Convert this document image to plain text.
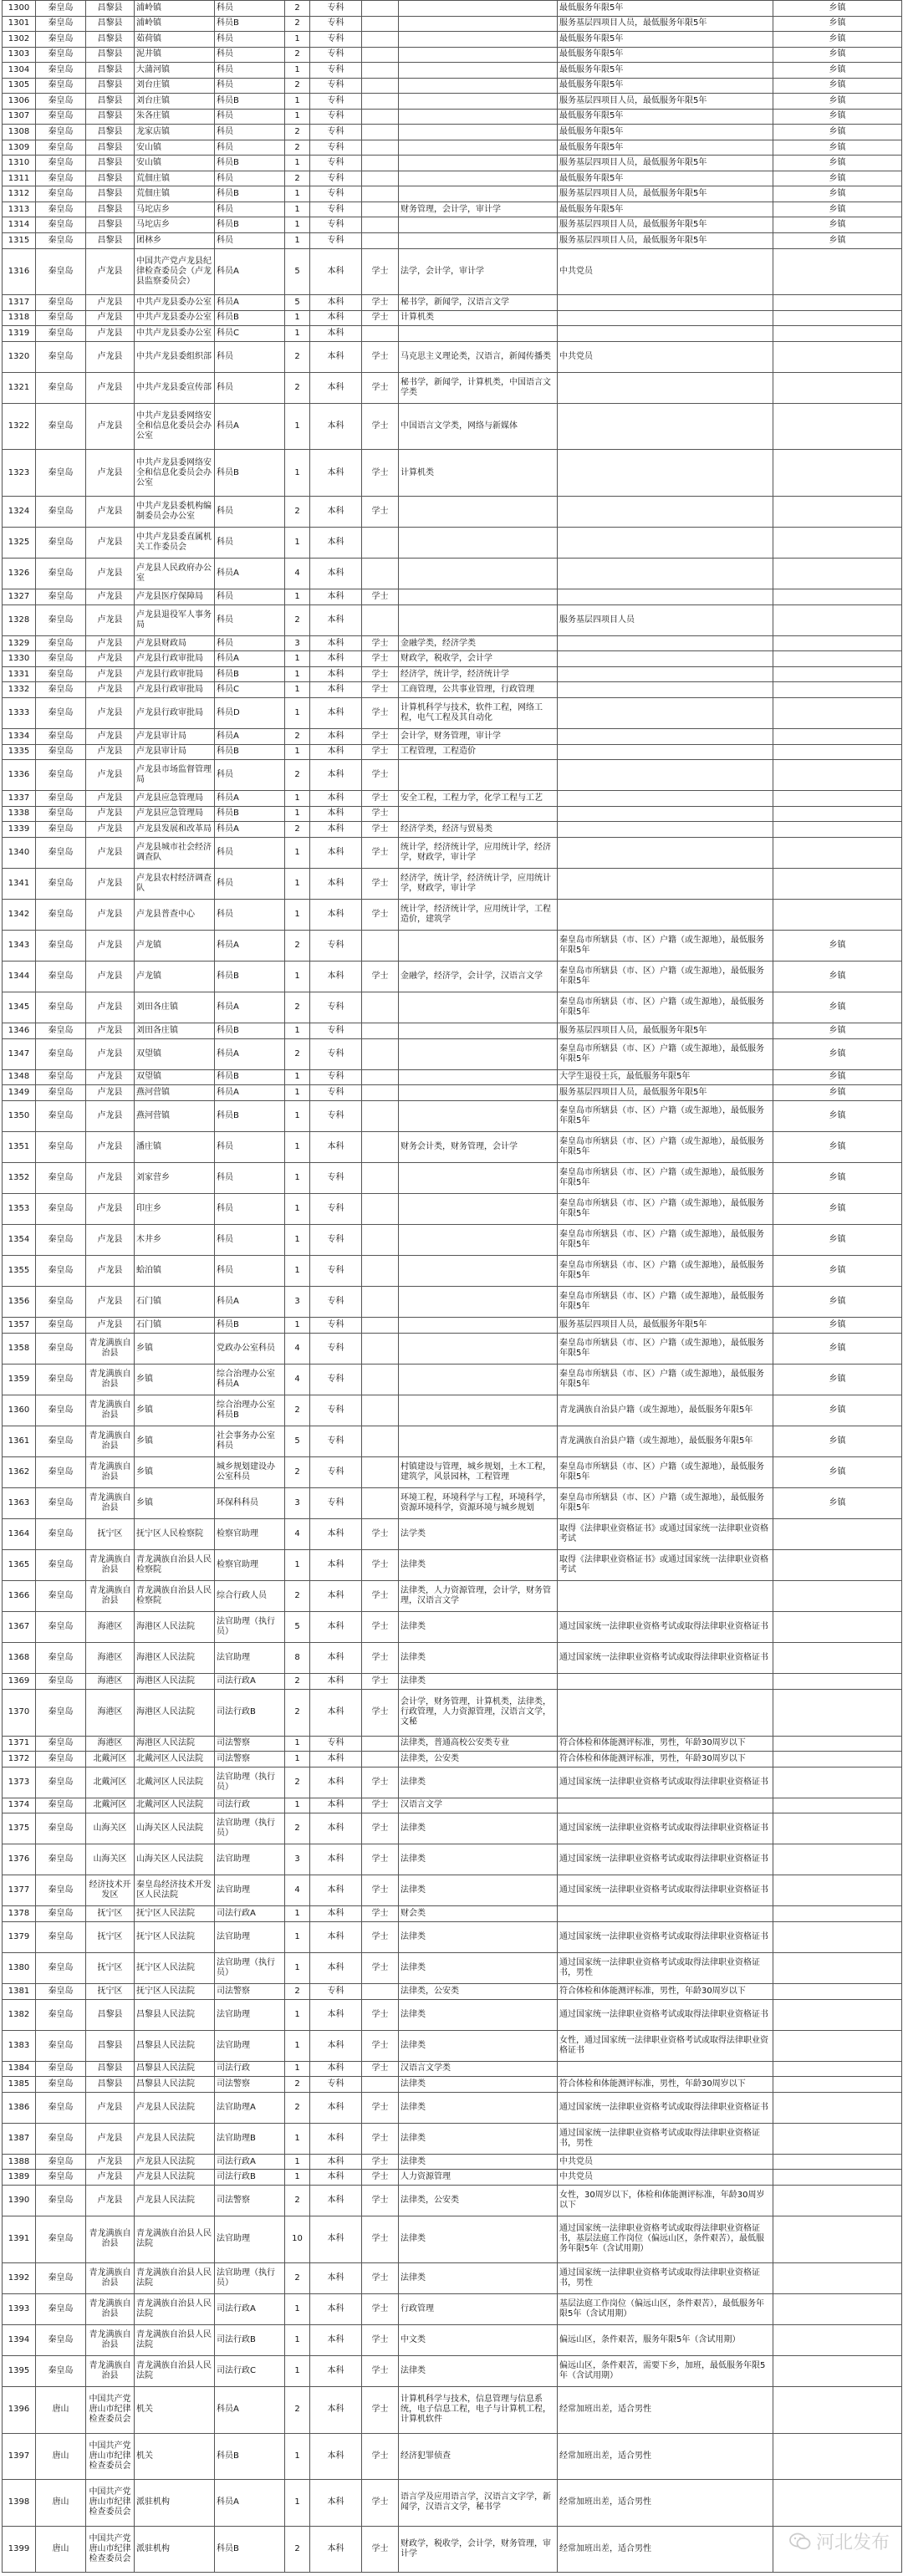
1300	秦皇岛	昌黎县	浦岭镇	科员	2	专科			最低服务年限5年	乡镇
1301	秦皇岛	昌黎县	浦岭镇	科员B	2	专科			服务基层四项目人员，最低服务年限5年	乡镇
1302	秦皇岛	昌黎县	茹荷镇	科员	1	专科			最低服务年限5年	乡镇
1303	秦皇岛	昌黎县	泥井镇	科员	2	专科			最低服务年限5年	乡镇
1304	秦皇岛	昌黎县	大蒲河镇	科员	1	专科			最低服务年限5年	乡镇
1305	秦皇岛	昌黎县	刘台庄镇	科员	2	专科			最低服务年限5年	乡镇
1306	秦皇岛	昌黎县	刘台庄镇	科员B	1	专科			服务基层四项目人员，最低服务年限5年	乡镇
1307	秦皇岛	昌黎县	朱各庄镇	科员	1	专科			最低服务年限5年	乡镇
1308	秦皇岛	昌黎县	龙家店镇	科员	2	专科			最低服务年限5年	乡镇
1309	秦皇岛	昌黎县	安山镇	科员	2	专科			最低服务年限5年	乡镇
1310	秦皇岛	昌黎县	安山镇	科员B	1	专科			服务基层四项目人员，最低服务年限5年	乡镇
1311	秦皇岛	昌黎县	荒佃庄镇	科员	2	专科			最低服务年限5年	乡镇
1312	秦皇岛	昌黎县	荒佃庄镇	科员B	1	专科			服务基层四项目人员，最低服务年限5年	乡镇
1313	秦皇岛	昌黎县	马坨店乡	科员	1	专科		财务管理，会计学，审计学	最低服务年限5年	乡镇
1314	秦皇岛	昌黎县	马坨店乡	科员B	1	专科			服务基层四项目人员，最低服务年限5年	乡镇
1315	秦皇岛	昌黎县	团林乡	科员	1	专科			服务基层四项目人员，最低服务年限5年	乡镇
1316	秦皇岛	卢龙县	中国共产党卢龙县纪律检查委员会（卢龙县监察委员会）	科员A	5	本科	学士	法学，会计学，审计学	中共党员	
1317	秦皇岛	卢龙县	中共卢龙县委办公室	科员A	5	本科	学士	秘书学，新闻学，汉语言文学		
1318	秦皇岛	卢龙县	中共卢龙县委办公室	科员B	1	本科	学士	计算机类		
1319	秦皇岛	卢龙县	中共卢龙县委办公室	科员C	1	本科				
1320	秦皇岛	卢龙县	中共卢龙县委组织部	科员	2	本科	学士	马克思主义理论类，汉语言，新闻传播类	中共党员	
1321	秦皇岛	卢龙县	中共卢龙县委宣传部	科员	2	本科	学士	秘书学，新闻学，计算机类，中国语言文学类		
1322	秦皇岛	卢龙县	中共卢龙县委网络安全和信息化委员会办公室	科员A	1	本科	学士	中国语言文学类，网络与新媒体		
1323	秦皇岛	卢龙县	中共卢龙县委网络安全和信息化委员会办公室	科员B	1	本科	学士	计算机类		
1324	秦皇岛	卢龙县	中共卢龙县委机构编制委员会办公室	科员	2	本科	学士			
1325	秦皇岛	卢龙县	中共卢龙县委直属机关工作委员会	科员	1	本科				
1326	秦皇岛	卢龙县	卢龙县人民政府办公室	科员A	4	本科				
1327	秦皇岛	卢龙县	卢龙县医疗保障局	科员	1	本科	学士			
1328	秦皇岛	卢龙县	卢龙县退役军人事务局	科员	2	本科			服务基层四项目人员	
1329	秦皇岛	卢龙县	卢龙县财政局	科员	3	本科	学士	金融学类，经济学类		
1330	秦皇岛	卢龙县	卢龙县行政审批局	科员A	1	本科	学士	财政学，税收学，会计学		
1331	秦皇岛	卢龙县	卢龙县行政审批局	科员B	1	本科	学士	经济学，统计学，经济统计学		
1332	秦皇岛	卢龙县	卢龙县行政审批局	科员C	1	本科	学士	工商管理，公共事业管理，行政管理		
1333	秦皇岛	卢龙县	卢龙县行政审批局	科员D	1	本科	学士	计算机科学与技术，软件工程，网络工程，电气工程及其自动化		
1334	秦皇岛	卢龙县	卢龙县审计局	科员A	2	本科	学士	会计学，财务管理，审计学		
1335	秦皇岛	卢龙县	卢龙县审计局	科员B	1	本科	学士	工程管理，工程造价		
1336	秦皇岛	卢龙县	卢龙县市场监督管理局	科员	2	本科	学士			
1337	秦皇岛	卢龙县	卢龙县应急管理局	科员A	1	本科	学士	安全工程，工程力学，化学工程与工艺		
1338	秦皇岛	卢龙县	卢龙县应急管理局	科员B	1	本科	学士			
1339	秦皇岛	卢龙县	卢龙县发展和改革局	科员A	2	本科	学士	经济学类，经济与贸易类		
1340	秦皇岛	卢龙县	卢龙县城市社会经济调查队	科员	1	本科	学士	统计学，经济统计学，应用统计学，经济学，财政学，审计学		
1341	秦皇岛	卢龙县	卢龙县农村经济调查队	科员	1	本科	学士	经济学，统计学，经济统计学，应用统计学，财政学，审计学		
1342	秦皇岛	卢龙县	卢龙县普查中心	科员	1	本科	学士	统计学，经济统计学，应用统计学，工程造价，建筑学		
1343	秦皇岛	卢龙县	卢龙镇	科员A	2	专科			秦皇岛市所辖县（市、区）户籍（或生源地），最低服务年限5年	乡镇
1344	秦皇岛	卢龙县	卢龙镇	科员B	1	本科	学士	金融学，经济学，会计学，汉语言文学	秦皇岛市所辖县（市、区）户籍（或生源地），最低服务年限5年	乡镇
1345	秦皇岛	卢龙县	刘田各庄镇	科员A	2	专科			秦皇岛市所辖县（市、区）户籍（或生源地），最低服务年限5年	乡镇
1346	秦皇岛	卢龙县	刘田各庄镇	科员B	1	专科			服务基层四项目人员，最低服务年限5年	乡镇
1347	秦皇岛	卢龙县	双望镇	科员A	2	专科			秦皇岛市所辖县（市、区）户籍（或生源地），最低服务年限5年	乡镇
1348	秦皇岛	卢龙县	双望镇	科员B	1	专科			大学生退役士兵，最低服务年限5年	乡镇
1349	秦皇岛	卢龙县	燕河营镇	科员A	1	专科			服务基层四项目人员，最低服务年限5年	乡镇
1350	秦皇岛	卢龙县	燕河营镇	科员B	1	专科			秦皇岛市所辖县（市、区）户籍（或生源地），最低服务年限5年	乡镇
1351	秦皇岛	卢龙县	潘庄镇	科员	1	本科		财务会计类，财务管理，会计学	秦皇岛市所辖县（市、区）户籍（或生源地），最低服务年限5年	乡镇
1352	秦皇岛	卢龙县	刘家营乡	科员	1	专科			秦皇岛市所辖县（市、区）户籍（或生源地），最低服务年限5年	乡镇
1353	秦皇岛	卢龙县	印庄乡	科员	1	专科			秦皇岛市所辖县（市、区）户籍（或生源地），最低服务年限5年	乡镇
1354	秦皇岛	卢龙县	木井乡	科员	1	专科			秦皇岛市所辖县（市、区）户籍（或生源地），最低服务年限5年	乡镇
1355	秦皇岛	卢龙县	蛤泊镇	科员	1	专科			秦皇岛市所辖县（市、区）户籍（或生源地），最低服务年限5年	乡镇
1356	秦皇岛	卢龙县	石门镇	科员A	3	专科			秦皇岛市所辖县（市、区）户籍（或生源地），最低服务年限5年	乡镇
1357	秦皇岛	卢龙县	石门镇	科员B	1	专科			服务基层四项目人员，最低服务年限5年	乡镇
1358	秦皇岛	青龙满族自治县	乡镇	党政办公室科员	4	专科			秦皇岛市所辖县（市、区）户籍（或生源地），最低服务年限5年	乡镇
1359	秦皇岛	青龙满族自治县	乡镇	综合治理办公室科员A	4	专科			秦皇岛市所辖县（市、区）户籍（或生源地），最低服务年限5年	乡镇
1360	秦皇岛	青龙满族自治县	乡镇	综合治理办公室科员B	2	专科			青龙满族自治县户籍（或生源地），最低服务年限5年	乡镇
1361	秦皇岛	青龙满族自治县	乡镇	社会事务办公室科员	5	专科			青龙满族自治县户籍（或生源地），最低服务年限5年	乡镇
1362	秦皇岛	青龙满族自治县	乡镇	城乡规划建设办公室科员	2	专科		村镇建设与管理，城乡规划，土木工程，建筑学，风景园林，工程管理	秦皇岛市所辖县（市、区）户籍（或生源地），最低服务年限5年	乡镇
1363	秦皇岛	青龙满族自治县	乡镇	环保科科员	3	专科		环境工程，环境科学与工程，环境科学，资源环境科学，资源环境与城乡规划	秦皇岛市所辖县（市、区）户籍（或生源地），最低服务年限5年	乡镇
1364	秦皇岛	抚宁区	抚宁区人民检察院	检察官助理	4	本科	学士	法学类	取得《法律职业资格证书》或通过国家统一法律职业资格考试	
1365	秦皇岛	青龙满族自治县	青龙满族自治县人民检察院	检察官助理	1	本科	学士	法律类	取得《法律职业资格证书》或通过国家统一法律职业资格考试	
1366	秦皇岛	青龙满族自治县	青龙满族自治县人民检察院	综合行政人员	2	本科	学士	法律类，人力资源管理，会计学，财务管理，汉语言文学		
1367	秦皇岛	海港区	海港区人民法院	法官助理（执行员）	5	本科	学士	法律类	通过国家统一法律职业资格考试或取得法律职业资格证书	
1368	秦皇岛	海港区	海港区人民法院	法官助理	8	本科	学士	法律类	通过国家统一法律职业资格考试或取得法律职业资格证书	
1369	秦皇岛	海港区	海港区人民法院	司法行政A	2	本科	学士	法律类		
1370	秦皇岛	海港区	海港区人民法院	司法行政B	2	本科	学士	会计学，财务管理，计算机类，法律类，行政管理，人力资源管理，汉语言文学，文秘		
1371	秦皇岛	海港区	海港区人民法院	司法警察	1	专科		法律类，普通高校公安类专业	符合体检和体能测评标准，男性，年龄30周岁以下	
1372	秦皇岛	北戴河区	北戴河区人民法院	司法警察	1	本科		法律类，公安类	符合体检和体能测评标准，男性，年龄30周岁以下	
1373	秦皇岛	北戴河区	北戴河区人民法院	法官助理（执行员）	2	本科	学士	法律类	通过国家统一法律职业资格考试或取得法律职业资格证书	
1374	秦皇岛	北戴河区	北戴河区人民法院	司法行政	1	本科	学士	汉语言文学		
1375	秦皇岛	山海关区	山海关区人民法院	法官助理（执行员）	2	本科	学士	法律类	通过国家统一法律职业资格考试或取得法律职业资格证书	
1376	秦皇岛	山海关区	山海关区人民法院	法官助理	3	本科	学士	法律类	通过国家统一法律职业资格考试或取得法律职业资格证书	
1377	秦皇岛	经济技术开发区	秦皇岛经济技术开发区人民法院	法官助理	4	本科	学士	法律类	通过国家统一法律职业资格考试或取得法律职业资格证书	
1378	秦皇岛	抚宁区	抚宁区人民法院	司法行政A	1	本科	学士	财会类		
1379	秦皇岛	抚宁区	抚宁区人民法院	法官助理	1	本科	学士	法律类	通过国家统一法律职业资格考试或取得法律职业资格证书	
1380	秦皇岛	抚宁区	抚宁区人民法院	法官助理（执行员）	1	本科	学士	法律类	通过国家统一法律职业资格考试或取得法律职业资格证书，男性	
1381	秦皇岛	抚宁区	抚宁区人民法院	司法警察	2	专科		法律类，公安类	符合体检和体能测评标准，男性，年龄30周岁以下	
1382	秦皇岛	昌黎县	昌黎县人民法院	法官助理	1	本科	学士	法律类	通过国家统一法律职业资格考试或取得法律职业资格证书	
1383	秦皇岛	昌黎县	昌黎县人民法院	法官助理	1	本科	学士	法律类	女性，通过国家统一法律职业资格考试或取得法律职业资格证书	
1384	秦皇岛	昌黎县	昌黎县人民法院	司法行政	1	本科	学士	汉语言文学类		
1385	秦皇岛	昌黎县	昌黎县人民法院	司法警察	2	专科		法律类	符合体检和体能测评标准，男性，年龄30周岁以下	
1386	秦皇岛	卢龙县	卢龙县人民法院	法官助理A	2	本科	学士	法律类	通过国家统一法律职业资格考试或取得法律职业资格证书	
1387	秦皇岛	卢龙县	卢龙县人民法院	法官助理B	1	本科	学士	法律类	通过国家统一法律职业资格考试或取得法律职业资格证书，男性	
1388	秦皇岛	卢龙县	卢龙县人民法院	司法行政A	1	本科	学士	法律类	中共党员	
1389	秦皇岛	卢龙县	卢龙县人民法院	司法行政B	1	本科	学士	人力资源管理	中共党员	
1390	秦皇岛	卢龙县	卢龙县人民法院	司法警察	2	本科	学士	法律类，公安类	女性，30周岁以下，体检和体能测评标准，年龄30周岁以下	
1391	秦皇岛	青龙满族自治县	青龙满族自治县人民法院	法官助理	10	本科	学士	法律类	通过国家统一法律职业资格考试或取得法律职业资格证书，基层法庭工作岗位（偏远山区，条件艰苦），最低服务年限5年（含试用期）	
1392	秦皇岛	青龙满族自治县	青龙满族自治县人民法院	法官助理（执行员）	2	本科	学士	法律类	通过国家统一法律职业资格考试或取得法律职业资格证书，男性	
1393	秦皇岛	青龙满族自治县	青龙满族自治县人民法院	司法行政A	1	本科	学士	行政管理	基层法庭工作岗位（偏远山区，条件艰苦），最低服务年限5年（含试用期）	
1394	秦皇岛	青龙满族自治县	青龙满族自治县人民法院	司法行政B	1	本科	学士	中文类	偏远山区，条件艰苦，服务年限5年（含试用期）	
1395	秦皇岛	青龙满族自治县	青龙满族自治县人民法院	司法行政C	1	本科	学士	法律类	偏远山区，条件艰苦，需要下乡，加班，最低服务年限5年（含试用期）	
1396	唐山	中国共产党唐山市纪律检查委员会	机关	科员A	2	本科	学士	计算机科学与技术，信息管理与信息系统，电子信息工程，电子与计算机工程，计算机软件	经常加班出差，适合男性	
1397	唐山	中国共产党唐山市纪律检查委员会	机关	科员B	1	本科	学士	经济犯罪侦查	经常加班出差，适合男性	
1398	唐山	中国共产党唐山市纪律检查委员会	派驻机构	科员A	1	本科	学士	语言学及应用语言学，汉语言文字学，新闻学，汉语言文学，秘书学	经常加班出差，适合男性	
1399	唐山	中国共产党唐山市纪律检查委员会	派驻机构	科员B	2	本科	学士	财政学，税收学，会计学，财务管理，审计学	经常加班出差，适合男性		河北发布
